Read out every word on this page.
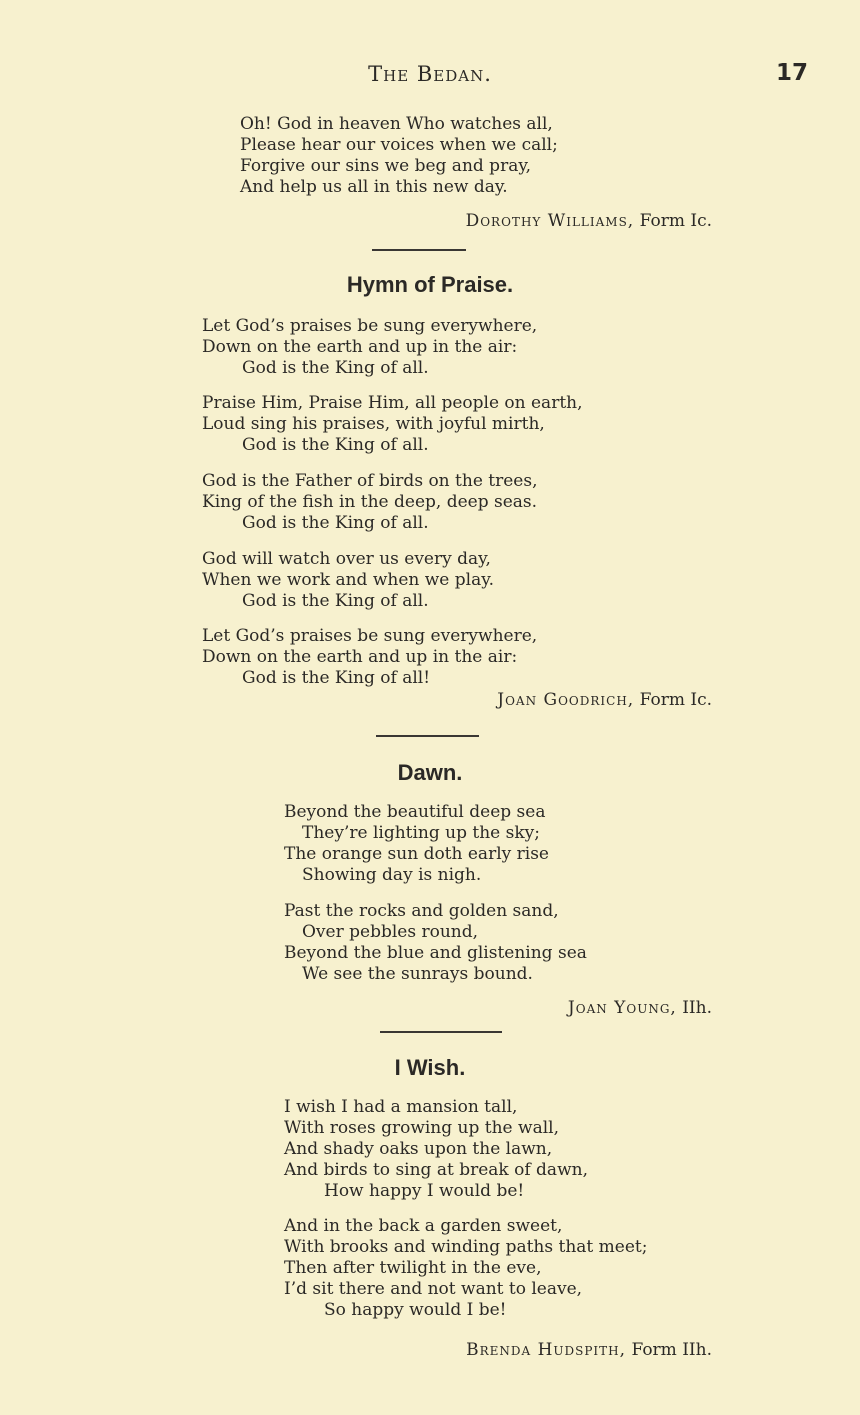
The Bedan.	17
Oh! God in heaven Who watches all,
Please hear our voices when we call;
Forgive our sins we beg and pray,
And help us all in this new day.
Dorothy Williams, Form Ic.
Hymn of Praise.
Let God’s praises be sung everywhere,
Down on the earth and up in the air:
God is the King of all.
Praise Him, Praise Him, all people on earth,
Loud sing his praises, with joyful mirth,
God is the King of all.
God is the Father of birds on the trees,
King of the fish in the deep, deep seas.
God is the King of all.
God will watch over us every day,
When we work and when we play.
God is the King of all.
Let God’s praises be sung everywhere,
Down on the earth and up in the air:
God is the King of all!
Joan Goodrich, Form Ic.
Dawn.
Beyond the beautiful deep sea
They’re lighting up the sky;
The orange sun doth early rise
Showing day is nigh.
Past the rocks and golden sand,
Over pebbles round,
Beyond the blue and glistening sea
We see the sunrays bound.
Joan Young, IIh.
I Wish.
I wish I had a mansion tall,
With roses growing up the wall,
And shady oaks upon the lawn,
And birds to sing at break of dawn,
How happy I would be!
And in the back a garden sweet,
With brooks and winding paths that meet;
Then after twilight in the eve,
I’d sit there and not want to leave,
So happy would I be!
Brenda Hudspith, Form IIh.
